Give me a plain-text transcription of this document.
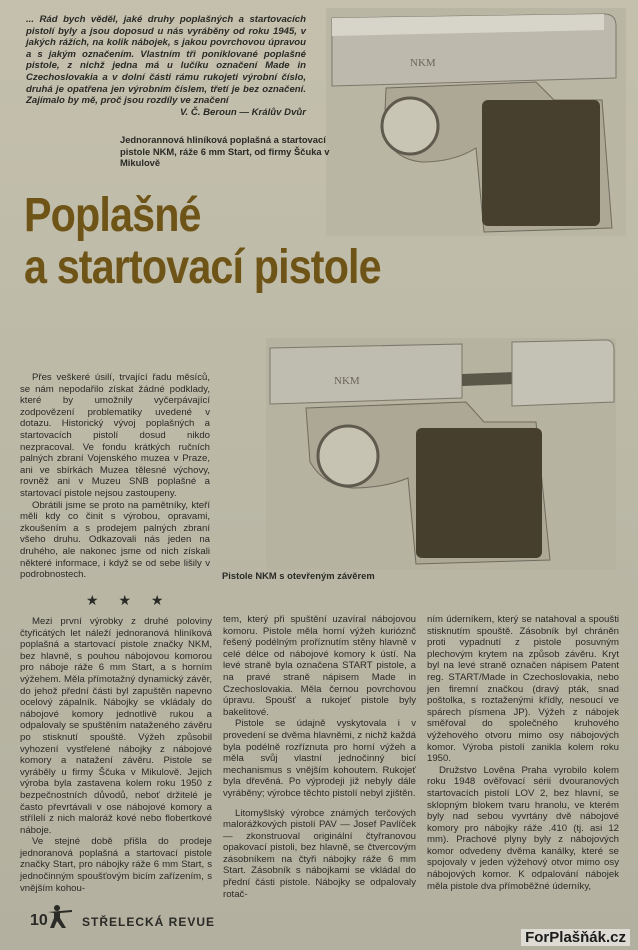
... Rád bych věděl, jaké druhy poplašných a startovacích pistolí byly a jsou doposud u nás vyráběny od roku 1945, v jakých rážích, na kolik nábojek, s jakou povrchovou úpravou a s jakým označením. Vlastním tři poniklované poplašné pistole, z nichž jedna má u lučíku označení Made in Czechoslovakia a v dolní části rámu rukojeti výrobní číslo, druhá je opatřena jen výrobním číslem, třetí je bez označení. Zajímalo by mě, proč jsou rozdíly ve značení
V. Č. Beroun — Králův Dvůr
NKM
Jednorannová hliníková poplašná a startovací pistole NKM, ráže 6 mm Start, od firmy Ščuka v Mikulově
Poplašné
a startovací pistole

Přes veškeré úsilí, trvající řadu měsíců, se nám nepodařilo získat žádné podklady, které by umožnily vyčerpávající zodpovězení problematiky uvedené v dotazu. Historický vývoj poplašných a startovacích pistolí dosud nikdo nezpracoval. Ve fondu krátkých ručních palných zbraní Vojenského muzea v Praze, ani ve sbírkách Muzea tělesné výchovy, rovněž ani v Muzeu SNB poplašné a startovací pistole nejsou zastoupeny.

Obrátili jsme se proto na pamětníky, kteří měli kdy co činit s výrobou, opravami, zkoušením a s prodejem palných zbraní všeho druhu. Odkazovali nás jeden na druhého, ale nakonec jsme od nich získali některé informace, i když se od sebe lišily v podrobnostech.

NKM
Pistole NKM s otevřeným závěrem
★ ★ ★

Mezi první výrobky z druhé poloviny čtyřicátých let náleží jednoranová hliníková poplašná a startovací pistole značky NKM, bez hlavně, s pouhou nábojovou komorou pro náboje ráže 6 mm Start, a s horním výžehem. Měla přímotažný dynamický závěr, do jehož přední části byl zapuštěn napevno ocelový zápalník. Nábojky se vkládaly do nábojové komory jednotlivě rukou a odpalovaly se spuštěním nataženého závěru po stisknutí spouště. Výžeh způsobil vyhození vystřelené nábojky z nábojové komory a natažení závěru. Pistole se vyráběly u firmy Ščuka v Mikulově. Jejich výroba byla zastavena kolem roku 1950 z bezpečnostních důvodů, neboť držitelé je často převrtávali v ose nábojové komory a střílelí z nich maloráž kové nebo flobertkové náboje.

Ve stejné době přišla do prodeje jednoranová poplašná a startovací pistole značky Start, pro nábojky ráže 6 mm Start, s jednočinným spoušťovým bicím zařízením, s vnějším kohou-

tem, který při spuštění uzavíral nábojovou komoru. Pistole měla horní výžeh kurióznč řešený podélným proříznutím stěny hlavně v celé délce od nábojové komory k ústí. Na levé straně byla označena START pistole, a na pravé straně nápisem Made in Czechoslovakia. Měla černou povrchovou úpravu. Spoušť a rukojeť pistole byly bakelitové.

Pistole se údajně vyskytovala i v provedení se dvěma hlavněmi, z nichž každá byla podélně rozříznuta pro horní výžeh a měla svůj vlastní jednočinný bicí mechanismus s vnějším kohoutem. Rukojeť byla dřevěná. Po výprodeji již nebyly dále vyráběny; výrobce těchto pistolí nebyl zjištěn.

Litomyšlský výrobce známých terčových malorážkových pistolí PAV — Josef Pavlíček — zkonstruoval originální čtyřranovou opakovací pistoli, bez hlavně, se čtvercovým zásobníkem na čtyři nábojky ráže 6 mm Start. Zásobník s nábojkami se vkládal do přední části pistole. Nábojky se odpalovaly rotač-

ním úderníkem, který se natahoval a spoušti stisknutím spouště. Zásobník byl chráněn proti vypadnutí z pistole posuvným plechovým krytem na způsob závěru. Kryt byl na levé straně označen nápisem Patent reg. START/Made in Czechoslovakia, nebo jen firemní značkou (dravý pták, snad poštolka, s roztaženými křídly, nesoucí ve spárech písmena JP). Výžeh z nábojek směřoval do společného kruhového výžehového otvoru mimo osy nábojových komor. Výroba pistolí zanikla kolem roku 1950.

Družstvo Lověna Praha vyrobilo kolem roku 1948 ověřovací sérii dvouranových startovacích pistolí LOV 2, bez hlavní, se sklopným blokem tvaru hranolu, ve kterém byly nad sebou vyvrtány dvě nábojové komory pro nábojky ráže .410 (tj. asi 12 mm). Prachové plyny byly z nábojových komor odvedeny dvěma kanálky, které se spojovaly v jeden výžehový otvor mimo osy nábojových komor. K odpalování nábojek měla pistole dva přímoběžné úderníky,

10	STŘELECKÁ REVUE
ForPlašňák.cz
